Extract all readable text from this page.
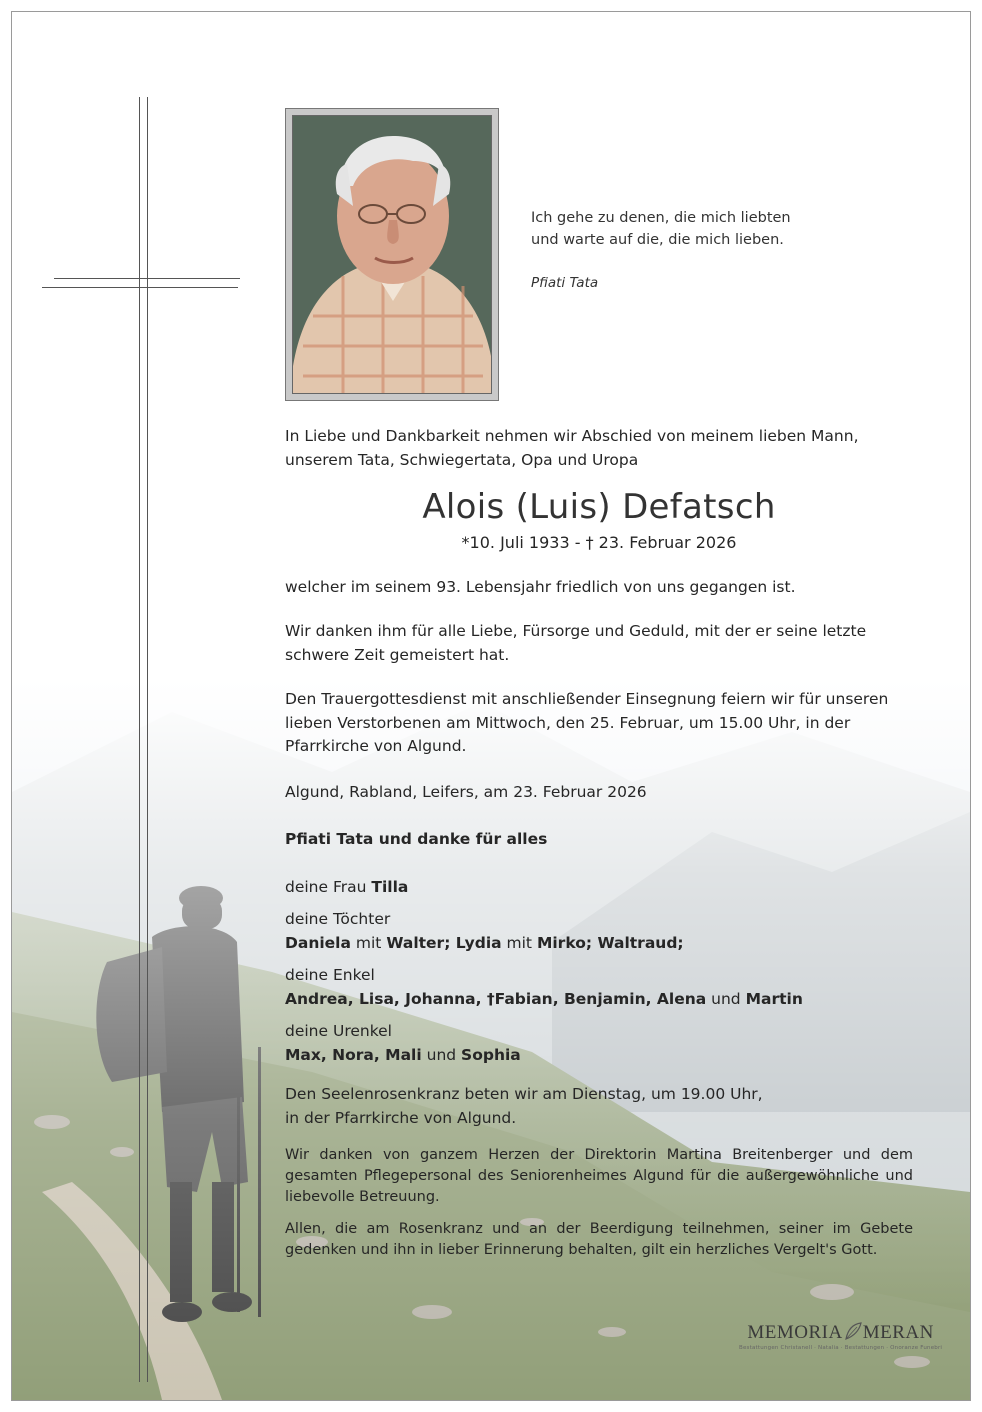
Ich gehe zu denen, die mich liebten
und warte auf die, die mich lieben.
Pfiati Tata

In Liebe und Dankbarkeit nehmen wir Abschied von meinem lieben Mann,
unserem Tata, Schwiegertata, Opa und Uropa

Alois (Luis) Defatsch
*10. Juli 1933 - † 23. Februar 2026

welcher im seinem 93. Lebensjahr friedlich von uns gegangen ist.

Wir danken ihm für alle Liebe, Fürsorge und Geduld, mit der er seine letzte
schwere Zeit gemeistert hat.

Den Trauergottesdienst mit anschließender Einsegnung feiern wir für unseren
lieben Verstorbenen am Mittwoch, den 25. Februar, um 15.00 Uhr, in der
Pfarrkirche von Algund.

Algund, Rabland, Leifers, am 23. Februar 2026

Pfiati Tata und danke für alles

deine Frau Tilla

deine Töchter
Daniela mit Walter; Lydia mit Mirko; Waltraud;

deine Enkel
Andrea, Lisa, Johanna, †Fabian, Benjamin, Alena und Martin

deine Urenkel
Max, Nora, Mali und Sophia

Den Seelenrosenkranz beten wir am Dienstag, um 19.00 Uhr,
in der Pfarrkirche von Algund.

Wir danken von ganzem Herzen der Direktorin Martina Breitenberger und dem gesamten Pflegepersonal des Seniorenheimes Algund für die außergewöhnliche und liebevolle Betreuung.

Allen, die am Rosenkranz und an der Beerdigung teilnehmen, seiner im Gebete gedenken und ihn in lieber Erinnerung behalten, gilt ein herzliches Vergelt's Gott.

MEMORIA MERAN
Bestattungen Christanell · Natalia · Bestattungen · Onoranze Funebri
